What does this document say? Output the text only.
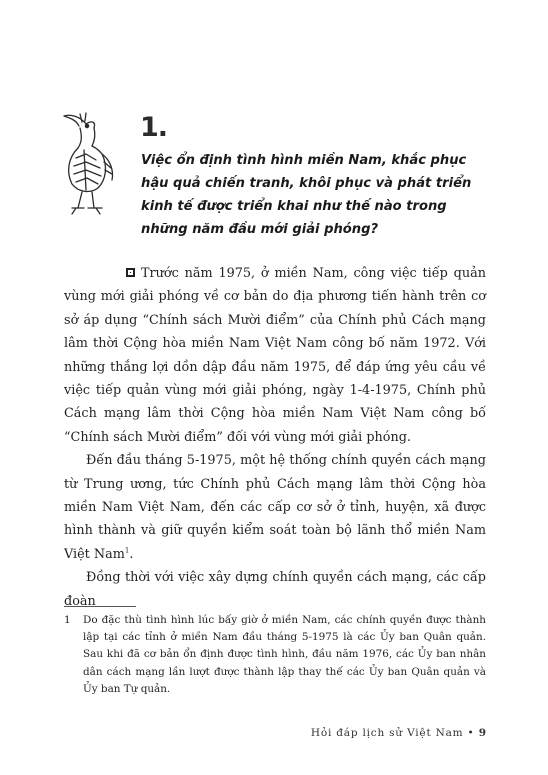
1.
Việc ổn định tình hình miền Nam, khắc phục hậu quả chiến tranh, khôi phục và phát triển kinh tế được triển khai như thế nào trong những năm đầu mới giải phóng?

Trước năm 1975, ở miền Nam, công việc tiếp quản vùng mới giải phóng về cơ bản do địa phương tiến hành trên cơ sở áp dụng “Chính sách Mười điểm” của Chính phủ Cách mạng lâm thời Cộng hòa miền Nam Việt Nam công bố năm 1972. Với những thắng lợi dồn dập đầu năm 1975, để đáp ứng yêu cầu về việc tiếp quản vùng mới giải phóng, ngày 1-4-1975, Chính phủ Cách mạng lâm thời Cộng hòa miền Nam Việt Nam công bố “Chính sách Mười điểm” đối với vùng mới giải phóng.

Đến đầu tháng 5-1975, một hệ thống chính quyền cách mạng từ Trung ương, tức Chính phủ Cách mạng lâm thời Cộng hòa miền Nam Việt Nam, đến các cấp cơ sở ở tỉnh, huyện, xã được hình thành và giữ quyền kiểm soát toàn bộ lãnh thổ miền Nam Việt Nam$^1$.

Đồng thời với việc xây dựng chính quyền cách mạng, các cấp đoàn

1 Do đặc thù tình hình lúc bấy giờ ở miền Nam, các chính quyền được thành lập tại các tỉnh ở miền Nam đầu tháng 5-1975 là các Ủy ban Quân quản. Sau khi đã cơ bản ổn định được tình hình, đầu năm 1976, các Ủy ban nhân dân cách mạng lần lượt được thành lập thay thế các Ủy ban Quân quản và Ủy ban Tự quản.
Hỏi đáp lịch sử Việt Nam • 9
